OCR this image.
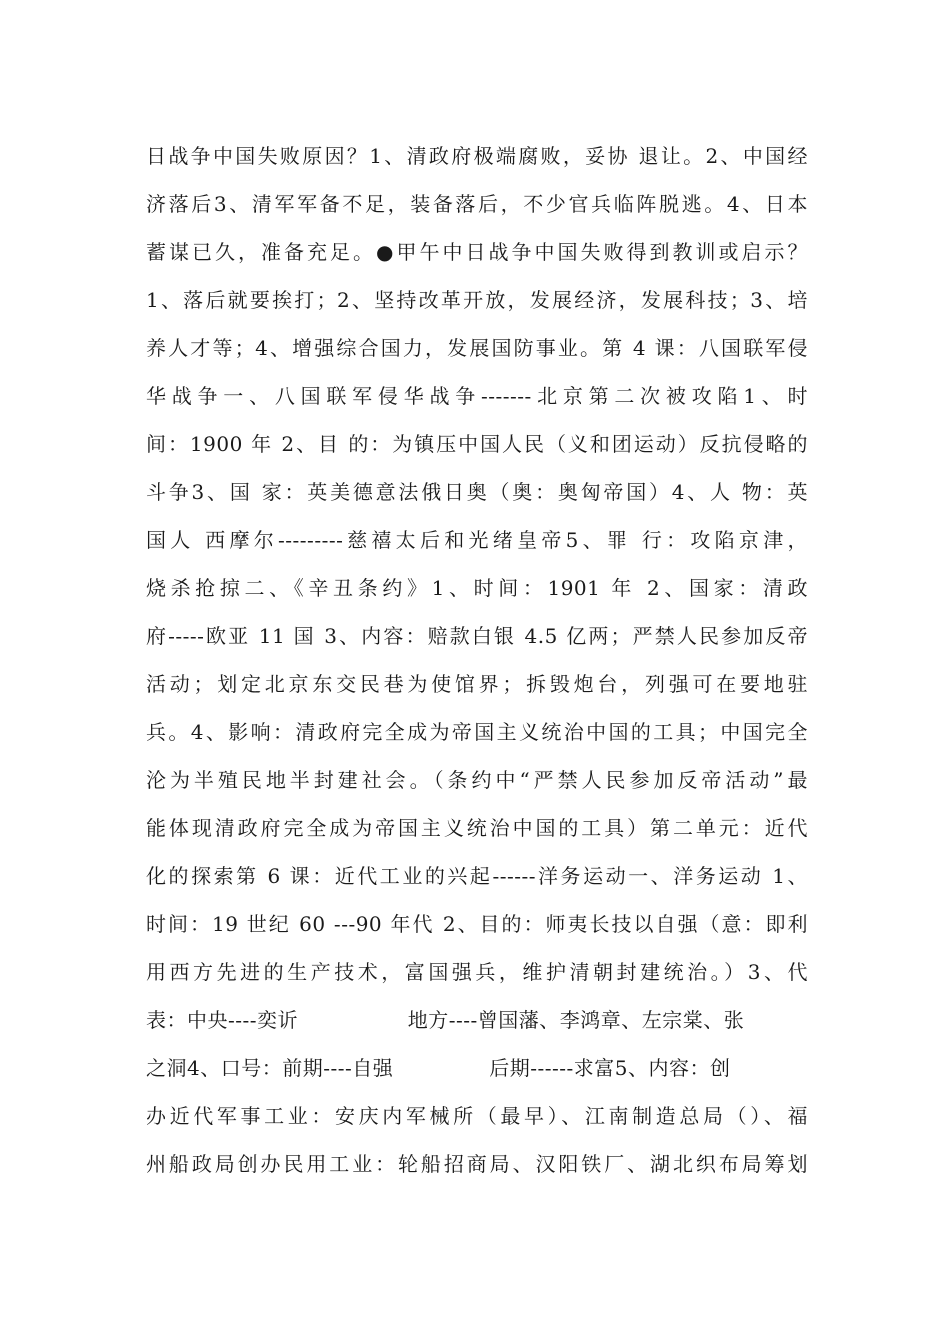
日战争中国失败原因？1、清政府极端腐败，妥协 退让。2、中国经
济落后3、清军军备不足，装备落后，不少官兵临阵脱逃。4、日本
蓄谋已久，准备充足。●甲午中日战争中国失败得到教训或启示？
1、落后就要挨打；2、坚持改革开放，发展经济，发展科技；3、培
养人才等；4、增强综合国力，发展国防事业。第 4 课：八国联军侵
华战争一、八国联军侵华战争-------北京第二次被攻陷1、时
间：1900 年 2、目 的：为镇压中国人民（义和团运动）反抗侵略的
斗争3、国 家：英美德意法俄日奥（奥：奥匈帝国）4、人 物：英
国人 西摩尔---------慈禧太后和光绪皇帝5、罪 行：攻陷京津，
烧杀抢掠二、《辛丑条约》1、时间：1901 年 2、国家：清政
府-----欧亚 11 国 3、内容：赔款白银 4.5 亿两；严禁人民参加反帝
活动；划定北京东交民巷为使馆界；拆毁炮台，列强可在要地驻
兵。4、影响：清政府完全成为帝国主义统治中国的工具；中国完全
沦为半殖民地半封建社会。（条约中“严禁人民参加反帝活动”最
能体现清政府完全成为帝国主义统治中国的工具）第二单元：近代
化的探索第 6 课：近代工业的兴起------洋务运动一、洋务运动 1、
时间：19 世纪 60 ---90 年代 2、目的：师夷长技以自强（意：即利
用西方先进的生产技术，富国强兵，维护清朝封建统治。）3、代
表：中央----奕䜣                地方----曾国藩、李鸿章、左宗棠、张
之洞4、口号：前期----自强              后期------求富5、内容：创
办近代军事工业：安庆内军械所（最早）、江南制造总局（）、福
州船政局创办民用工业：轮船招商局、汉阳铁厂、湖北织布局筹划
